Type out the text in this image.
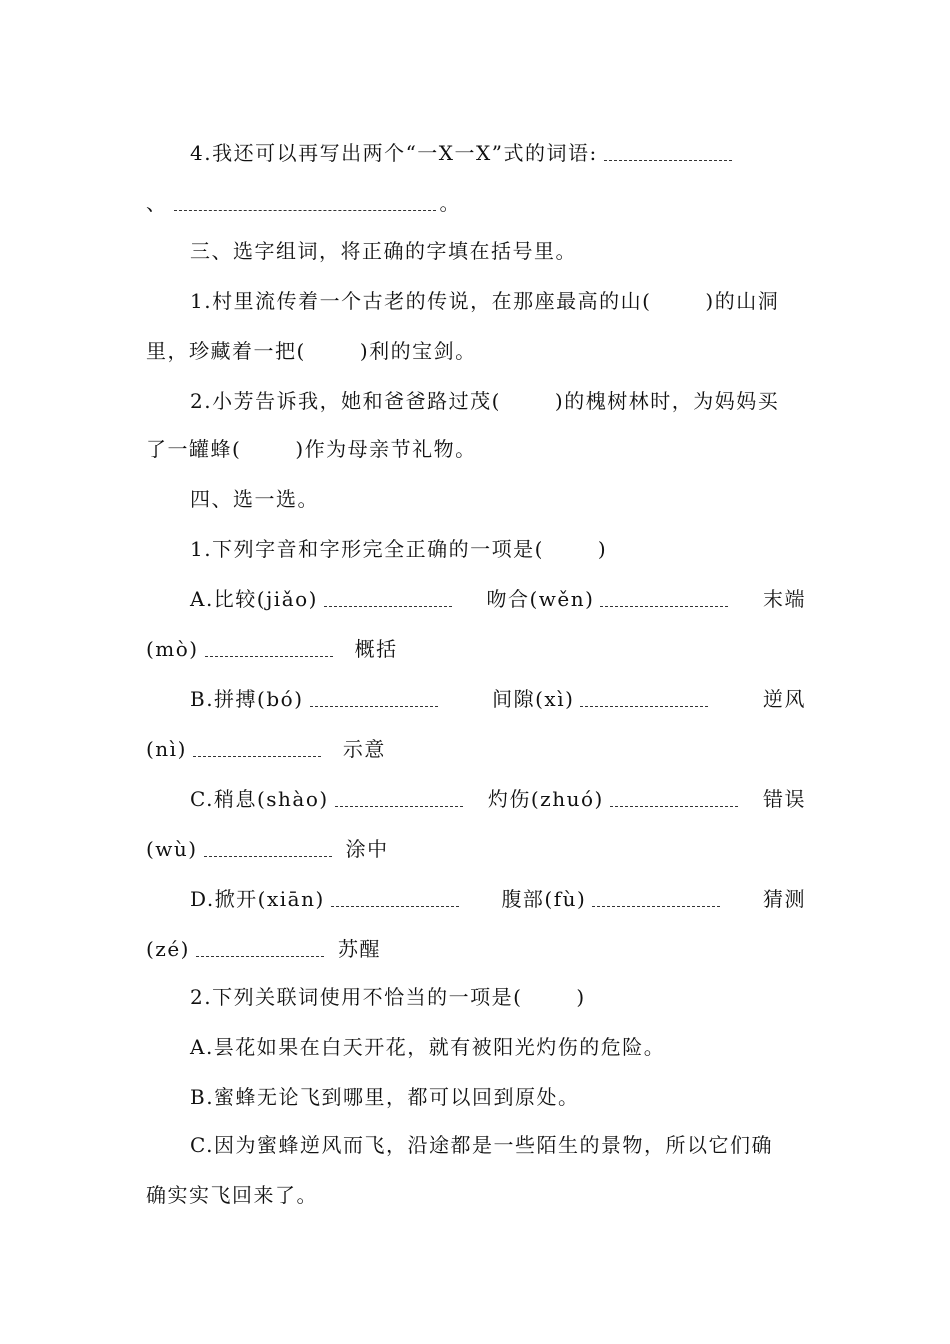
4.我还可以再写出两个“一X一X”式的词语:
、	。
三、选字组词，将正确的字填在括号里。
1.村里流传着一个古老的传说，在那座最高的山(	)的山洞
里，珍藏着一把(	)利的宝剑。
2.小芳告诉我，她和爸爸路过茂(	)的槐树林时，为妈妈买
了一罐蜂(	)作为母亲节礼物。
四、选一选。
1.下列字音和字形完全正确的一项是(	)
A.比较(jiǎo)	吻合(wěn)	末端
(mò)	概括
B.拼搏(bó)	间隙(xì)	逆风
(nì)	示意
C.稍息(shào)	灼伤(zhuó)	错误
(wù)	涂中
D.掀开(xiān)	腹部(fù)	猜测
(zé)	苏醒
2.下列关联词使用不恰当的一项是(	)
A.昙花如果在白天开花，就有被阳光灼伤的危险。
B.蜜蜂无论飞到哪里，都可以回到原处。
C.因为蜜蜂逆风而飞，沿途都是一些陌生的景物，所以它们确
确实实飞回来了。
